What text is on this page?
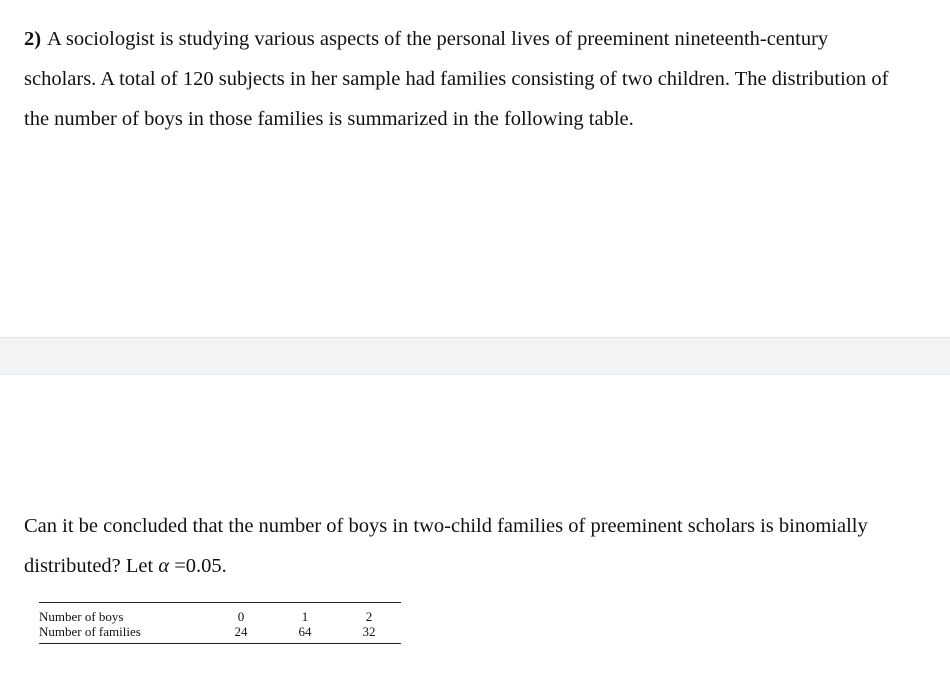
2) A sociologist is studying various aspects of the personal lives of preeminent nineteenth-century scholars. A total of 120 subjects in her sample had families consisting of two children. The distribution of the number of boys in those families is summarized in the following table.

Can it be concluded that the number of boys in two-child families of preeminent scholars is binomially distributed? Let α =0.05.

Number of boys	0	1	2
Number of families	24	64	32
